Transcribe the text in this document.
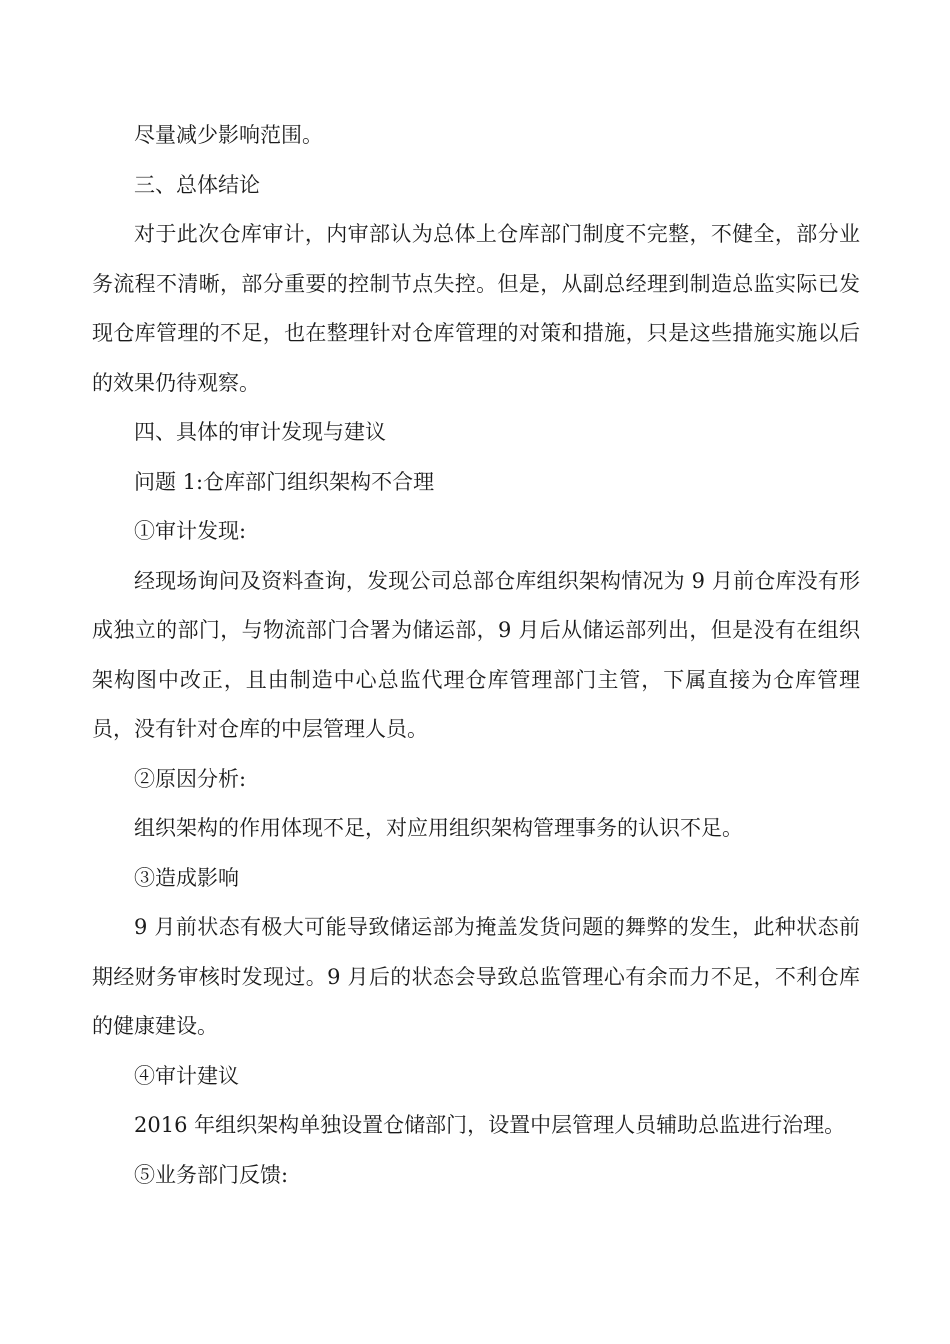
尽量减少影响范围。

三、总体结论

对于此次仓库审计，内审部认为总体上仓库部门制度不完整，不健全，部分业务流程不清晰，部分重要的控制节点失控。但是，从副总经理到制造总监实际已发现仓库管理的不足，也在整理针对仓库管理的对策和措施，只是这些措施实施以后的效果仍待观察。

四、具体的审计发现与建议

问题 1:仓库部门组织架构不合理

①审计发现:

经现场询问及资料查询，发现公司总部仓库组织架构情况为 9 月前仓库没有形成独立的部门，与物流部门合署为储运部，9 月后从储运部列出，但是没有在组织架构图中改正，且由制造中心总监代理仓库管理部门主管，下属直接为仓库管理员，没有针对仓库的中层管理人员。

②原因分析:

组织架构的作用体现不足，对应用组织架构管理事务的认识不足。

③造成影响

9 月前状态有极大可能导致储运部为掩盖发货问题的舞弊的发生，此种状态前期经财务审核时发现过。9 月后的状态会导致总监管理心有余而力不足，不利仓库的健康建设。

④审计建议

2016 年组织架构单独设置仓储部门，设置中层管理人员辅助总监进行治理。

⑤业务部门反馈:
